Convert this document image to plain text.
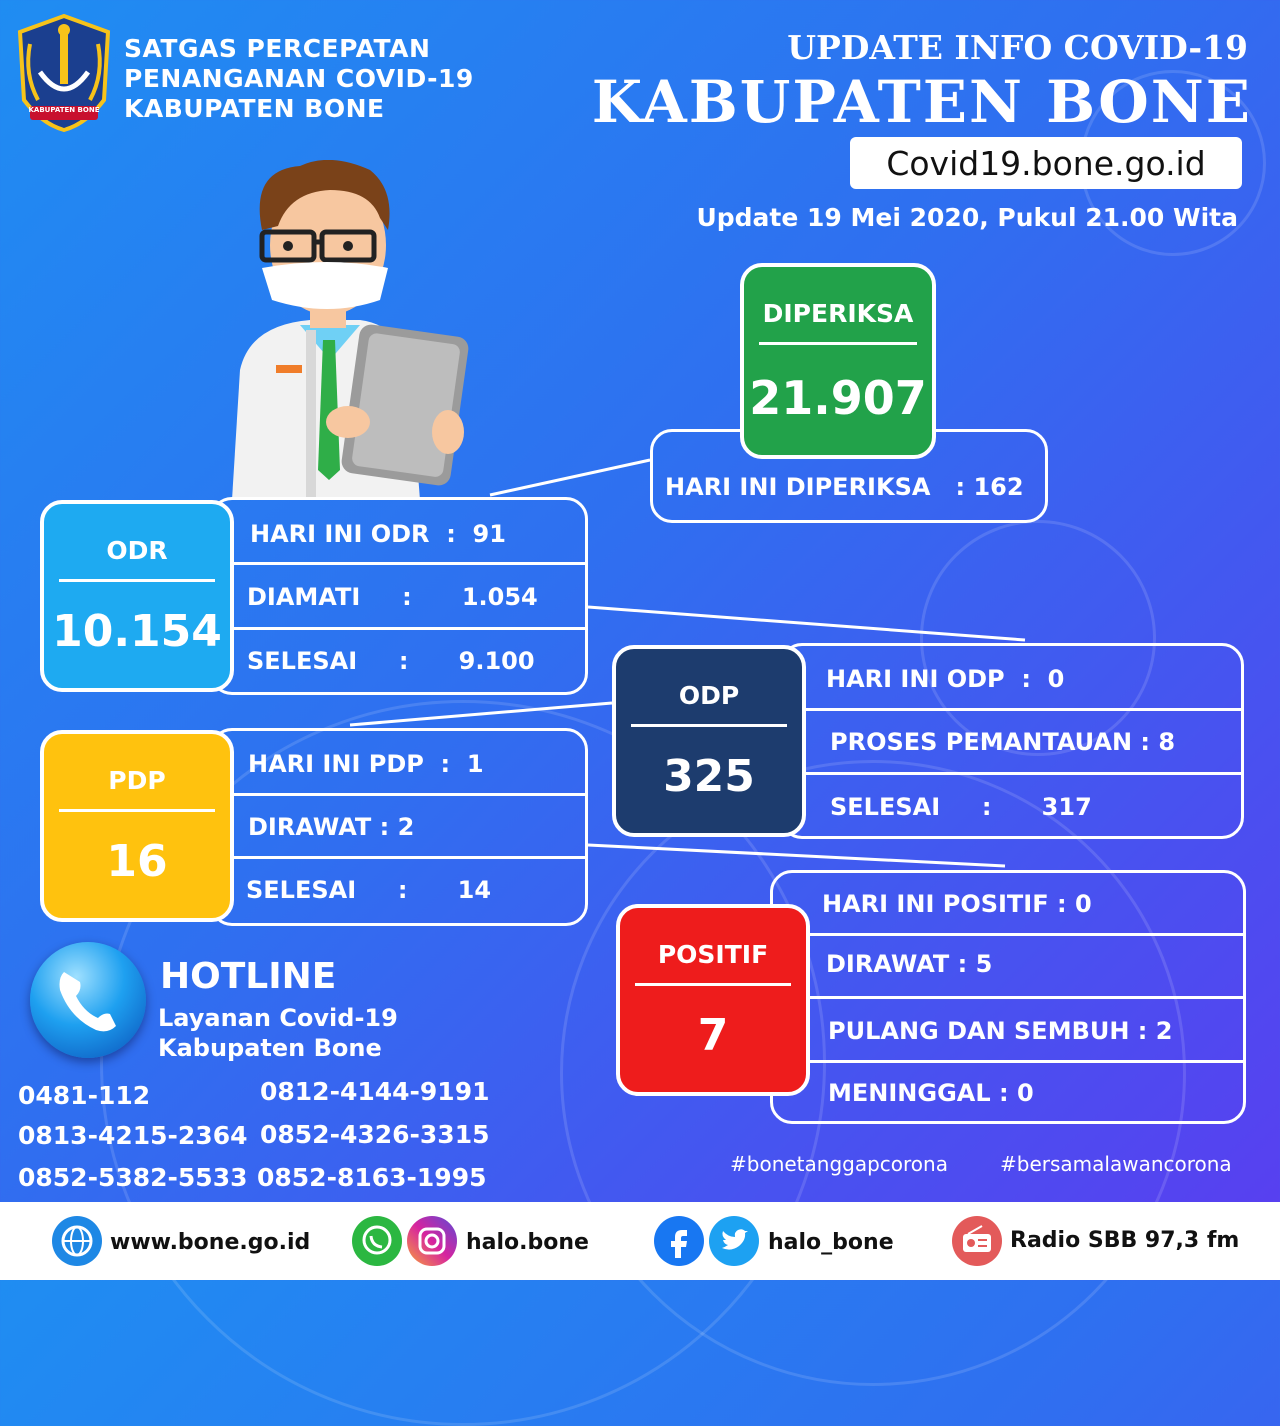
KABUPATEN BONE
SATGAS PERCEPATAN
PENANGANAN COVID-19
KABUPATEN BONE
UPDATE INFO COVID-19
KABUPATEN BONE
Covid19.bone.go.id
Update 19 Mei 2020, Pukul 21.00 Wita
HARI INI DIPERIKSA   : 162
DIPERIKSA
21.907
HARI INI ODR  :  91
DIAMATI     :      1.054
SELESAI     :      9.100
ODR
10.154
HARI INI ODP  :  0
PROSES PEMANTAUAN : 8
SELESAI     :      317
ODP
325
HARI INI PDP  :  1
DIRAWAT : 2
SELESAI     :      14
PDP
16
HARI INI POSITIF : 0
DIRAWAT : 5
PULANG DAN SEMBUH : 2
MENINGGAL : 0
POSITIF
7
HOTLINE
Layanan Covid-19
Kabupaten Bone
0481-112
0813-4215-2364
0852-5382-5533
0812-4144-9191
0852-4326-3315
0852-8163-1995	#bonetanggapcorona	#bersamalawancorona
www.bone.go.id	halo.bone	halo_bone	Radio SBB 97,3 fm
